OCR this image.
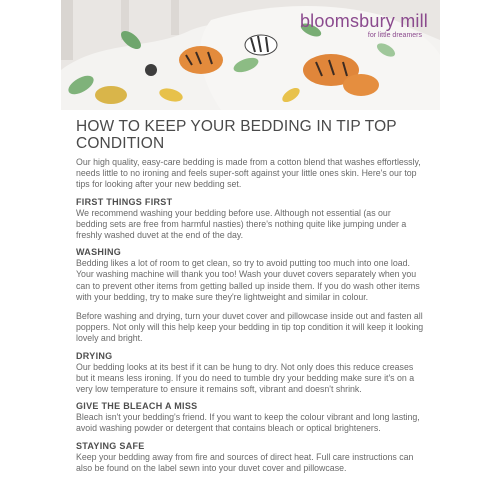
bloomsbury mill
for little dreamers
HOW TO KEEP YOUR BEDDING IN TIP TOP CONDITION

Our high quality, easy-care bedding is made from a cotton blend that washes effortlessly, needs little to no ironing and feels super-soft against your little ones skin. Here's our top tips for looking after your new bedding set.

FIRST THINGS FIRST

We recommend washing your bedding before use. Although not essential (as our bedding sets are free from harmful nasties) there's nothing quite like jumping under a freshly washed duvet at the end of the day.

WASHING

Bedding likes a lot of room to get clean, so try to avoid putting too much into one load. Your washing machine will thank you too! Wash your duvet covers separately when you can to prevent other items from getting balled up inside them. If you do wash other items with your bedding, try to make sure they're lightweight and similar in colour.

Before washing and drying, turn your duvet cover and pillowcase inside out and fasten all poppers. Not only will this help keep your bedding in tip top condition it will keep it looking lovely and bright.

DRYING

Our bedding looks at its best if it can be hung to dry. Not only does this reduce creases but it means less ironing. If you do need to tumble dry your bedding make sure it's on a very low temperature to ensure it remains soft, vibrant and doesn't shrink.

GIVE THE BLEACH A MISS

Bleach isn't your bedding's friend. If you want to keep the colour vibrant and long lasting, avoid washing powder or detergent that contains bleach or optical brighteners.

STAYING SAFE

Keep your bedding away from fire and sources of direct heat. Full care instructions can also be found on the label sewn into your duvet cover and pillowcase.
